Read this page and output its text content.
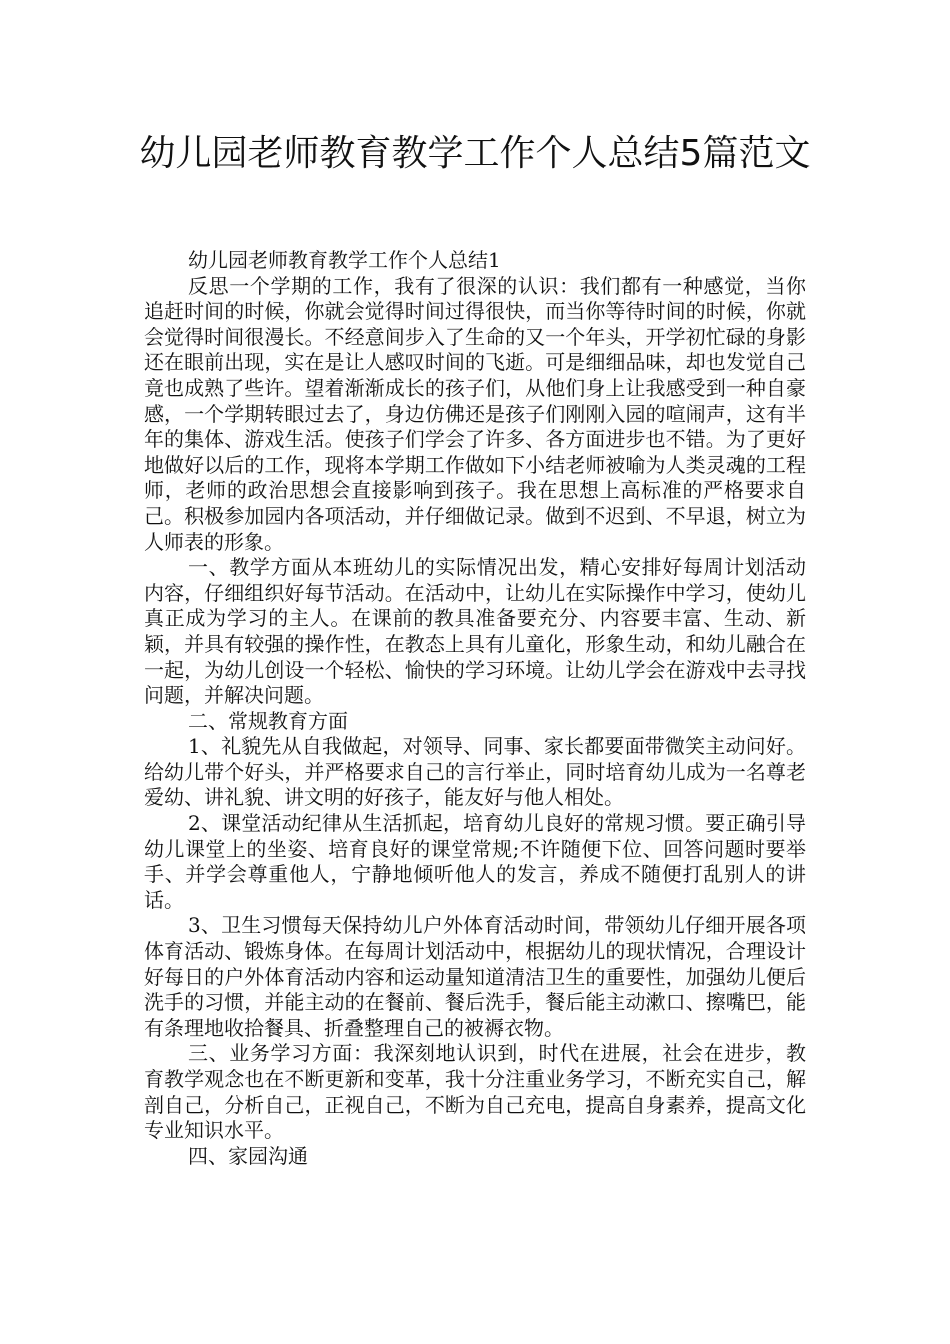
幼儿园老师教育教学工作个人总结5篇范文

幼儿园老师教育教学工作个人总结1

反思一个学期的工作，我有了很深的认识：我们都有一种感觉，当你追赶时间的时候，你就会觉得时间过得很快，而当你等待时间的时候，你就会觉得时间很漫长。不经意间步入了生命的又一个年头，开学初忙碌的身影还在眼前出现，实在是让人感叹时间的飞逝。可是细细品味，却也发觉自己竟也成熟了些许。望着渐渐成长的孩子们，从他们身上让我感受到一种自豪感，一个学期转眼过去了，身边仿佛还是孩子们刚刚入园的喧闹声，这有半年的集体、游戏生活。使孩子们学会了许多、各方面进步也不错。为了更好地做好以后的工作，现将本学期工作做如下小结老师被喻为人类灵魂的工程师，老师的政治思想会直接影响到孩子。我在思想上高标准的严格要求自己。积极参加园内各项活动，并仔细做记录。做到不迟到、不早退，树立为人师表的形象。

一、教学方面从本班幼儿的实际情况出发，精心安排好每周计划活动内容，仔细组织好每节活动。在活动中，让幼儿在实际操作中学习，使幼儿真正成为学习的主人。在课前的教具准备要充分、内容要丰富、生动、新颖，并具有较强的操作性，在教态上具有儿童化，形象生动，和幼儿融合在一起，为幼儿创设一个轻松、愉快的学习环境。让幼儿学会在游戏中去寻找问题，并解决问题。

二、常规教育方面

1、礼貌先从自我做起，对领导、同事、家长都要面带微笑主动问好。给幼儿带个好头，并严格要求自己的言行举止，同时培育幼儿成为一名尊老爱幼、讲礼貌、讲文明的好孩子，能友好与他人相处。

2、课堂活动纪律从生活抓起，培育幼儿良好的常规习惯。要正确引导幼儿课堂上的坐姿、培育良好的课堂常规;不许随便下位、回答问题时要举手、并学会尊重他人，宁静地倾听他人的发言，养成不随便打乱别人的讲话。

3、卫生习惯每天保持幼儿户外体育活动时间，带领幼儿仔细开展各项体育活动、锻炼身体。在每周计划活动中，根据幼儿的现状情况，合理设计好每日的户外体育活动内容和运动量知道清洁卫生的重要性，加强幼儿便后洗手的习惯，并能主动的在餐前、餐后洗手，餐后能主动漱口、擦嘴巴，能有条理地收拾餐具、折叠整理自己的被褥衣物。

三、业务学习方面：我深刻地认识到，时代在进展，社会在进步，教育教学观念也在不断更新和变革，我十分注重业务学习，不断充实自己，解剖自己，分析自己，正视自己，不断为自己充电，提高自身素养，提高文化专业知识水平。

四、家园沟通
